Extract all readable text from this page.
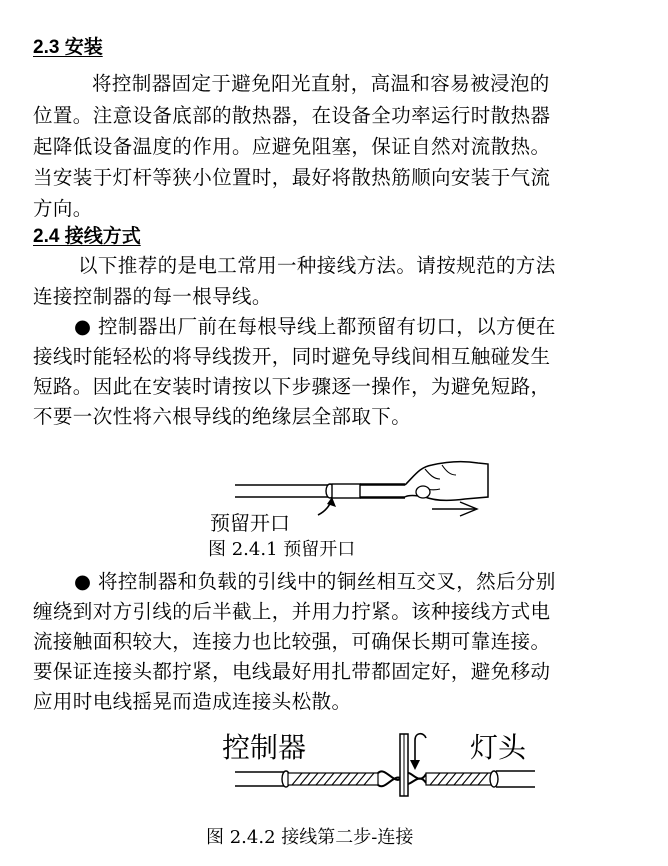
2.3 安装
将控制器固定于避免阳光直射，高温和容易被浸泡的
位置。注意设备底部的散热器，在设备全功率运行时散热器
起降低设备温度的作用。应避免阻塞，保证自然对流散热。
当安装于灯杆等狭小位置时，最好将散热筋顺向安装于气流
方向。
2.4 接线方式
以下推荐的是电工常用一种接线方法。请按规范的方法
连接控制器的每一根导线。
● 控制器出厂前在每根导线上都预留有切口，以方便在
接线时能轻松的将导线拨开，同时避免导线间相互触碰发生
短路。因此在安装时请按以下步骤逐一操作，为避免短路，
不要一次性将六根导线的绝缘层全部取下。
预留开口
图 2.4.1 预留开口
● 将控制器和负载的引线中的铜丝相互交叉，然后分别
缠绕到对方引线的后半截上，并用力拧紧。该种接线方式电
流接触面积较大，连接力也比较强，可确保长期可靠连接。
要保证连接头都拧紧，电线最好用扎带都固定好，避免移动
应用时电线摇晃而造成连接头松散。
控制器	灯头
图 2.4.2 接线第二步-连接
